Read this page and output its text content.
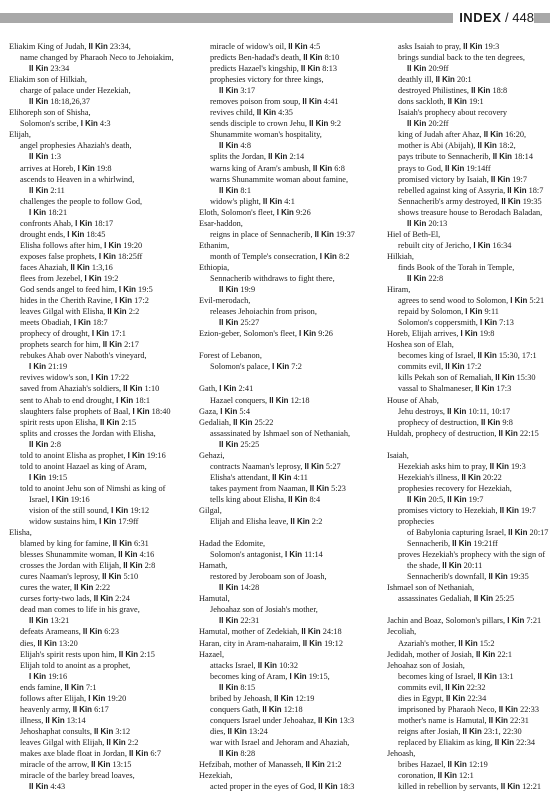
INDEX / 448
Eliakim King of Judah, II Kin 23:34,
name changed by Pharaoh Neco to Jehoiakim,
II Kin 23:34
Eliakim son of Hilkiah,
charge of palace under Hezekiah,
II Kin 18:18,26,37
Elihoreph son of Shisha,
Solomon's scribe, I Kin 4:3
Elijah,
angel prophesies Ahaziah's death,
II Kin 1:3
arrives at Horeb, I Kin 19:8
ascends to Heaven in a whirlwind,
II Kin 2:11
challenges the people to follow God,
I Kin 18:21
confronts Ahab, I Kin 18:17
drought ends, I Kin 18:45
Elisha follows after him, I Kin 19:20
exposes false prophets, I Kin 18:25ff
faces Ahaziah, II Kin 1:3,16
flees from Jezebel, I Kin 19:2
God sends angel to feed him, I Kin 19:5
hides in the Cherith Ravine, I Kin 17:2
leaves Gilgal with Elisha, II Kin 2:2
meets Obadiah, I Kin 18:7
prophecy of drought, I Kin 17:1
prophets search for him, II Kin 2:17
rebukes Ahab over Naboth's vineyard,
I Kin 21:19
revives widow's son, I Kin 17:22
saved from Ahaziah's soldiers, II Kin 1:10
sent to Ahab to end drought, I Kin 18:1
slaughters false prophets of Baal, I Kin 18:40
spirit rests upon Elisha, II Kin 2:15
splits and crosses the Jordan with Elisha,
II Kin 2:8
told to anoint Elisha as prophet, I Kin 19:16
told to anoint Hazael as king of Aram,
I Kin 19:15
told to anoint Jehu son of Nimshi as king of
Israel, I Kin 19:16
vision of the still sound, I Kin 19:12
widow sustains him, I Kin 17:9ff
Elisha,
blamed by king for famine, II Kin 6:31
blesses Shunammite woman, II Kin 4:16
crosses the Jordan with Elijah, II Kin 2:8
cures Naaman's leprosy, II Kin 5:10
cures the water, II Kin 2:22
curses forty-two lads, II Kin 2:24
dead man comes to life in his grave,
II Kin 13:21
defeats Arameans, II Kin 6:23
dies, II Kin 13:20
Elijah's spirit rests upon him, II Kin 2:15
Elijah told to anoint as a prophet,
I Kin 19:16
ends famine, II Kin 7:1
follows after Elijah, I Kin 19:20
heavenly army, II Kin 6:17
illness, II Kin 13:14
Jehoshaphat consults, II Kin 3:12
leaves Gilgal with Elijah, II Kin 2:2
makes axe blade float in Jordan, II Kin 6:7
miracle of the arrow, II Kin 13:15
miracle of the barley bread loaves,
II Kin 4:43
miracle of widow's oil, II Kin 4:5
predicts Ben-hadad's death, II Kin 8:10
predicts Hazael's kingship, II Kin 8:13
prophesies victory for three kings,
II Kin 3:17
removes poison from soup, II Kin 4:41
revives child, II Kin 4:35
sends disciple to crown Jehu, II Kin 9:2
Shunammite woman's hospitality,
II Kin 4:8
splits the Jordan, II Kin 2:14
warns king of Aram's ambush, II Kin 6:8
warns Shunammite woman about famine,
II Kin 8:1
widow's plight, II Kin 4:1
Eloth, Solomon's fleet, I Kin 9:26
Esar-haddon,
reigns in place of Sennacherib, II Kin 19:37
Ethanim,
month of Temple's consecration, I Kin 8:2
Ethiopia,
Sennacherib withdraws to fight there,
II Kin 19:9
Evil-merodach,
releases Jehoiachin from prison,
II Kin 25:27
Ezion-geber, Solomon's fleet, I Kin 9:26
Forest of Lebanon,
Solomon's palace, I Kin 7:2
Gath, I Kin 2:41
Hazael conquers, II Kin 12:18
Gaza, I Kin 5:4
Gedaliah, II Kin 25:22
assassinated by Ishmael son of Nethaniah,
II Kin 25:25
Gehazi,
contracts Naaman's leprosy, II Kin 5:27
Elisha's attendant, II Kin 4:11
takes payment from Naaman, II Kin 5:23
tells king about Elisha, II Kin 8:4
Gilgal,
Elijah and Elisha leave, II Kin 2:2
Hadad the Edomite,
Solomon's antagonist, I Kin 11:14
Hamath,
restored by Jeroboam son of Joash,
II Kin 14:28
Hamutal,
Jehoahaz son of Josiah's mother,
II Kin 22:31
Hamutal, mother of Zedekiah, II Kin 24:18
Haran, city in Aram-naharaim, II Kin 19:12
Hazael,
attacks Israel, II Kin 10:32
becomes king of Aram, I Kin 19:15,
II Kin 8:15
bribed by Jehoash, II Kin 12:19
conquers Gath, II Kin 12:18
conquers Israel under Jehoahaz, II Kin 13:3
dies, II Kin 13:24
war with Israel and Jehoram and Ahaziah,
II Kin 8:28
Hefzibah, mother of Manasseh, II Kin 21:2
Hezekiah,
acted proper in the eyes of God, II Kin 18:3
asks Isaiah to pray, II Kin 19:3
brings sundial back to the ten degrees,
II Kin 20:9ff
deathly ill, II Kin 20:1
destroyed Philistines, II Kin 18:8
dons sackloth, II Kin 19:1
Isaiah's prophecy about recovery
II Kin 20:2ff
king of Judah after Ahaz, II Kin 16:20,
mother is Abi (Abijah), II Kin 18:2,
pays tribute to Sennacherib, II Kin 18:14
prays to God, II Kin 19:14ff
promised victory by Isaiah, II Kin 19:7
rebelled against king of Assyria, II Kin 18:7
Sennacherib's army destroyed, II Kin 19:35
shows treasure house to Berodach Baladan,
II Kin 20:13
Hiel of Beth-El,
rebuilt city of Jericho, I Kin 16:34
Hilkiah,
finds Book of the Torah in Temple,
II Kin 22:8
Hiram,
agrees to send wood to Solomon, I Kin 5:21
repaid by Solomon, I Kin 9:11
Solomon's coppersmith, I Kin 7:13
Horeb, Elijah arrives, I Kin 19:8
Hoshea son of Elah,
becomes king of Israel, II Kin 15:30, 17:1
commits evil, II Kin 17:2
kills Pekah son of Remaliah, II Kin 15:30
vassal to Shalmaneser, II Kin 17:3
House of Ahab,
Jehu destroys, II Kin 10:11, 10:17
prophecy of destruction, II Kin 9:8
Huldah, prophecy of destruction, II Kin 22:15
Isaiah,
Hezekiah asks him to pray, II Kin 19:3
Hezekiah's illness, II Kin 20:22
prophesies recovery for Hezekiah,
II Kin 20:5, II Kin 19:7
promises victory to Hezekiah, II Kin 19:7
prophecies
of Babylonia capturing Israel, II Kin 20:17
Sennacherib, II Kin 19:21ff
proves Hezekiah's prophecy with the sign of
the shade, II Kin 20:11
Sennacherib's downfall, II Kin 19:35
Ishmael son of Nethaniah,
assassinates Gedaliah, II Kin 25:25
Jachin and Boaz, Solomon's pillars, I Kin 7:21
Jecoliah,
Azariah's mother, II Kin 15:2
Jedidah, mother of Josiah, II Kin 22:1
Jehoahaz son of Josiah,
becomes king of Israel, II Kin 13:1
commits evil, II Kin 22:32
dies in Egypt, II Kin 22:34
imprisoned by Pharaoh Neco, II Kin 22:33
mother's name is Hamutal, II Kin 22:31
reigns after Josiah, II Kin 23:1, 22:30
replaced by Eliakim as king, II Kin 22:34
Jehoash,
bribes Hazael, II Kin 12:19
coronation, II Kin 12:1
killed in rebellion by servants, II Kin 12:21
